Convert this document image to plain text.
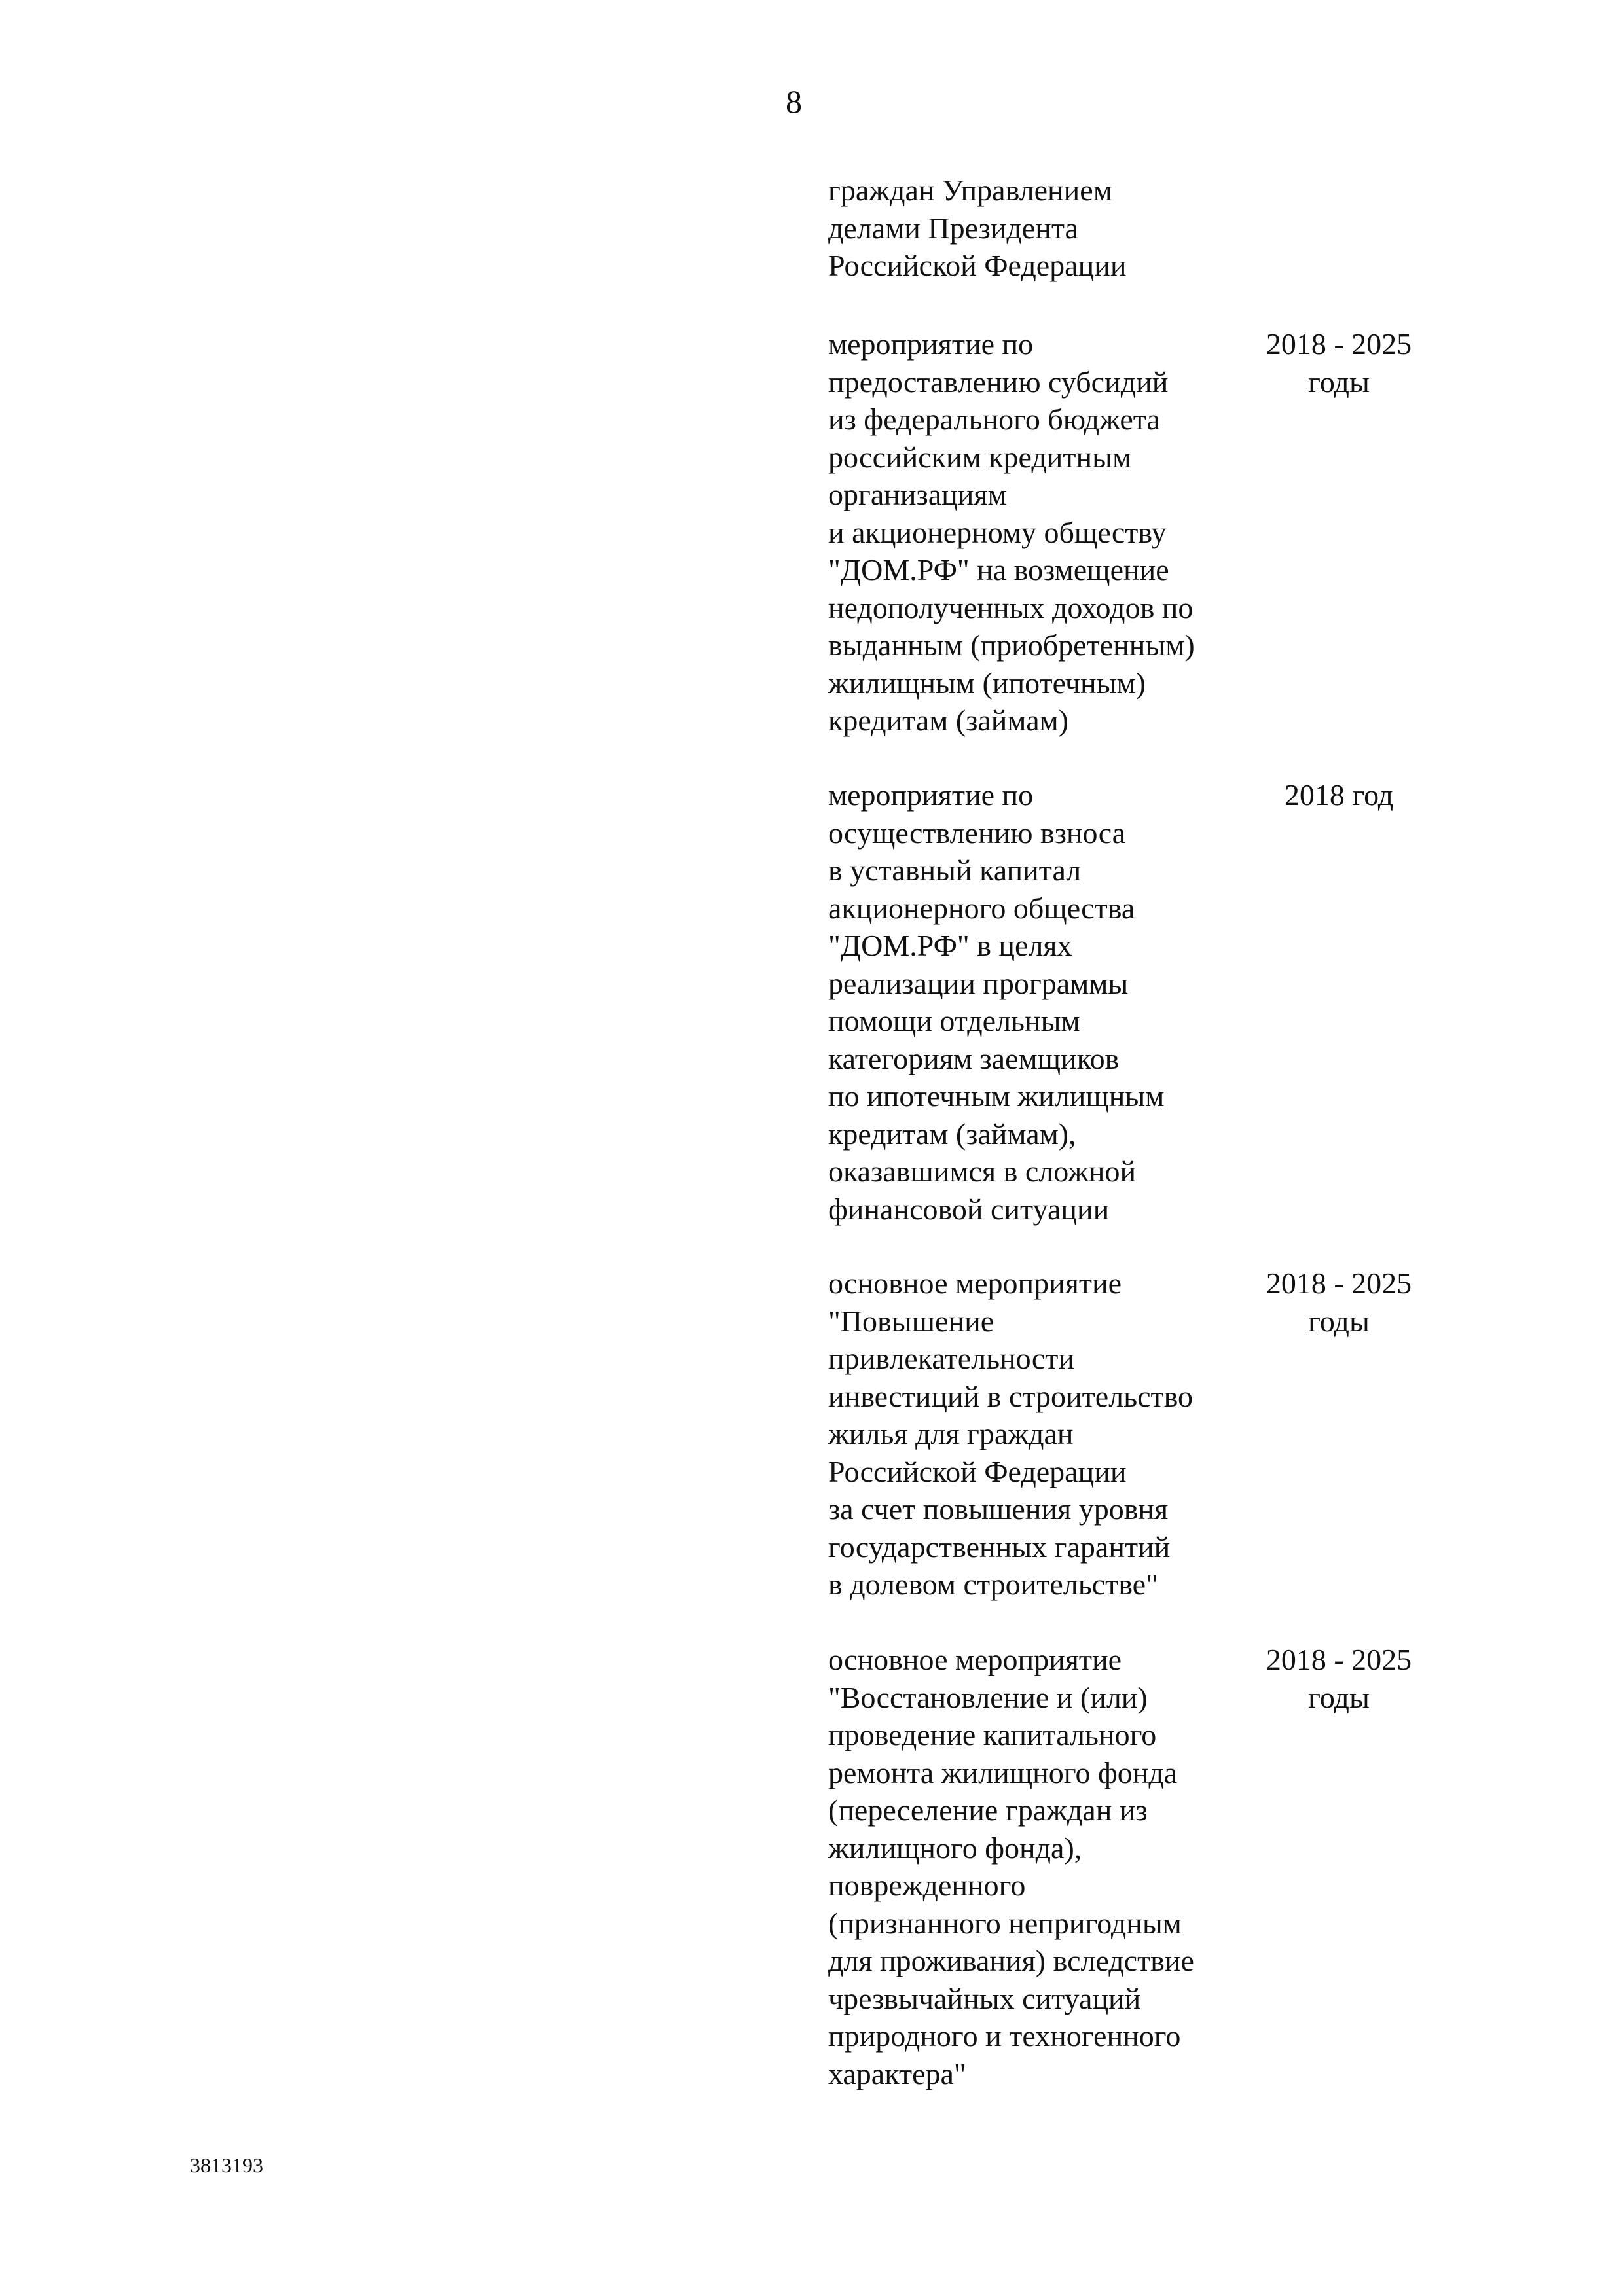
8
граждан Управлением
делами Президента
Российской Федерации
мероприятие по
предоставлению субсидий
из федерального бюджета
российским кредитным
организациям
и акционерному обществу
"ДОМ.РФ" на возмещение
недополученных доходов по
выданным (приобретенным)
жилищным (ипотечным)
кредитам (займам)
2018 - 2025
годы
мероприятие по
осуществлению взноса
в уставный капитал
акционерного общества
"ДОМ.РФ" в целях
реализации программы
помощи отдельным
категориям заемщиков
по ипотечным жилищным
кредитам (займам),
оказавшимся в сложной
финансовой ситуации
2018 год
основное мероприятие
"Повышение
привлекательности
инвестиций в строительство
жилья для граждан
Российской Федерации
за счет повышения уровня
государственных гарантий
в долевом строительстве"
2018 - 2025
годы
основное мероприятие
"Восстановление и (или)
проведение капитального
ремонта жилищного фонда
(переселение граждан из
жилищного фонда),
поврежденного
(признанного непригодным
для проживания) вследствие
чрезвычайных ситуаций
природного и техногенного
характера"
2018 - 2025
годы
3813193
